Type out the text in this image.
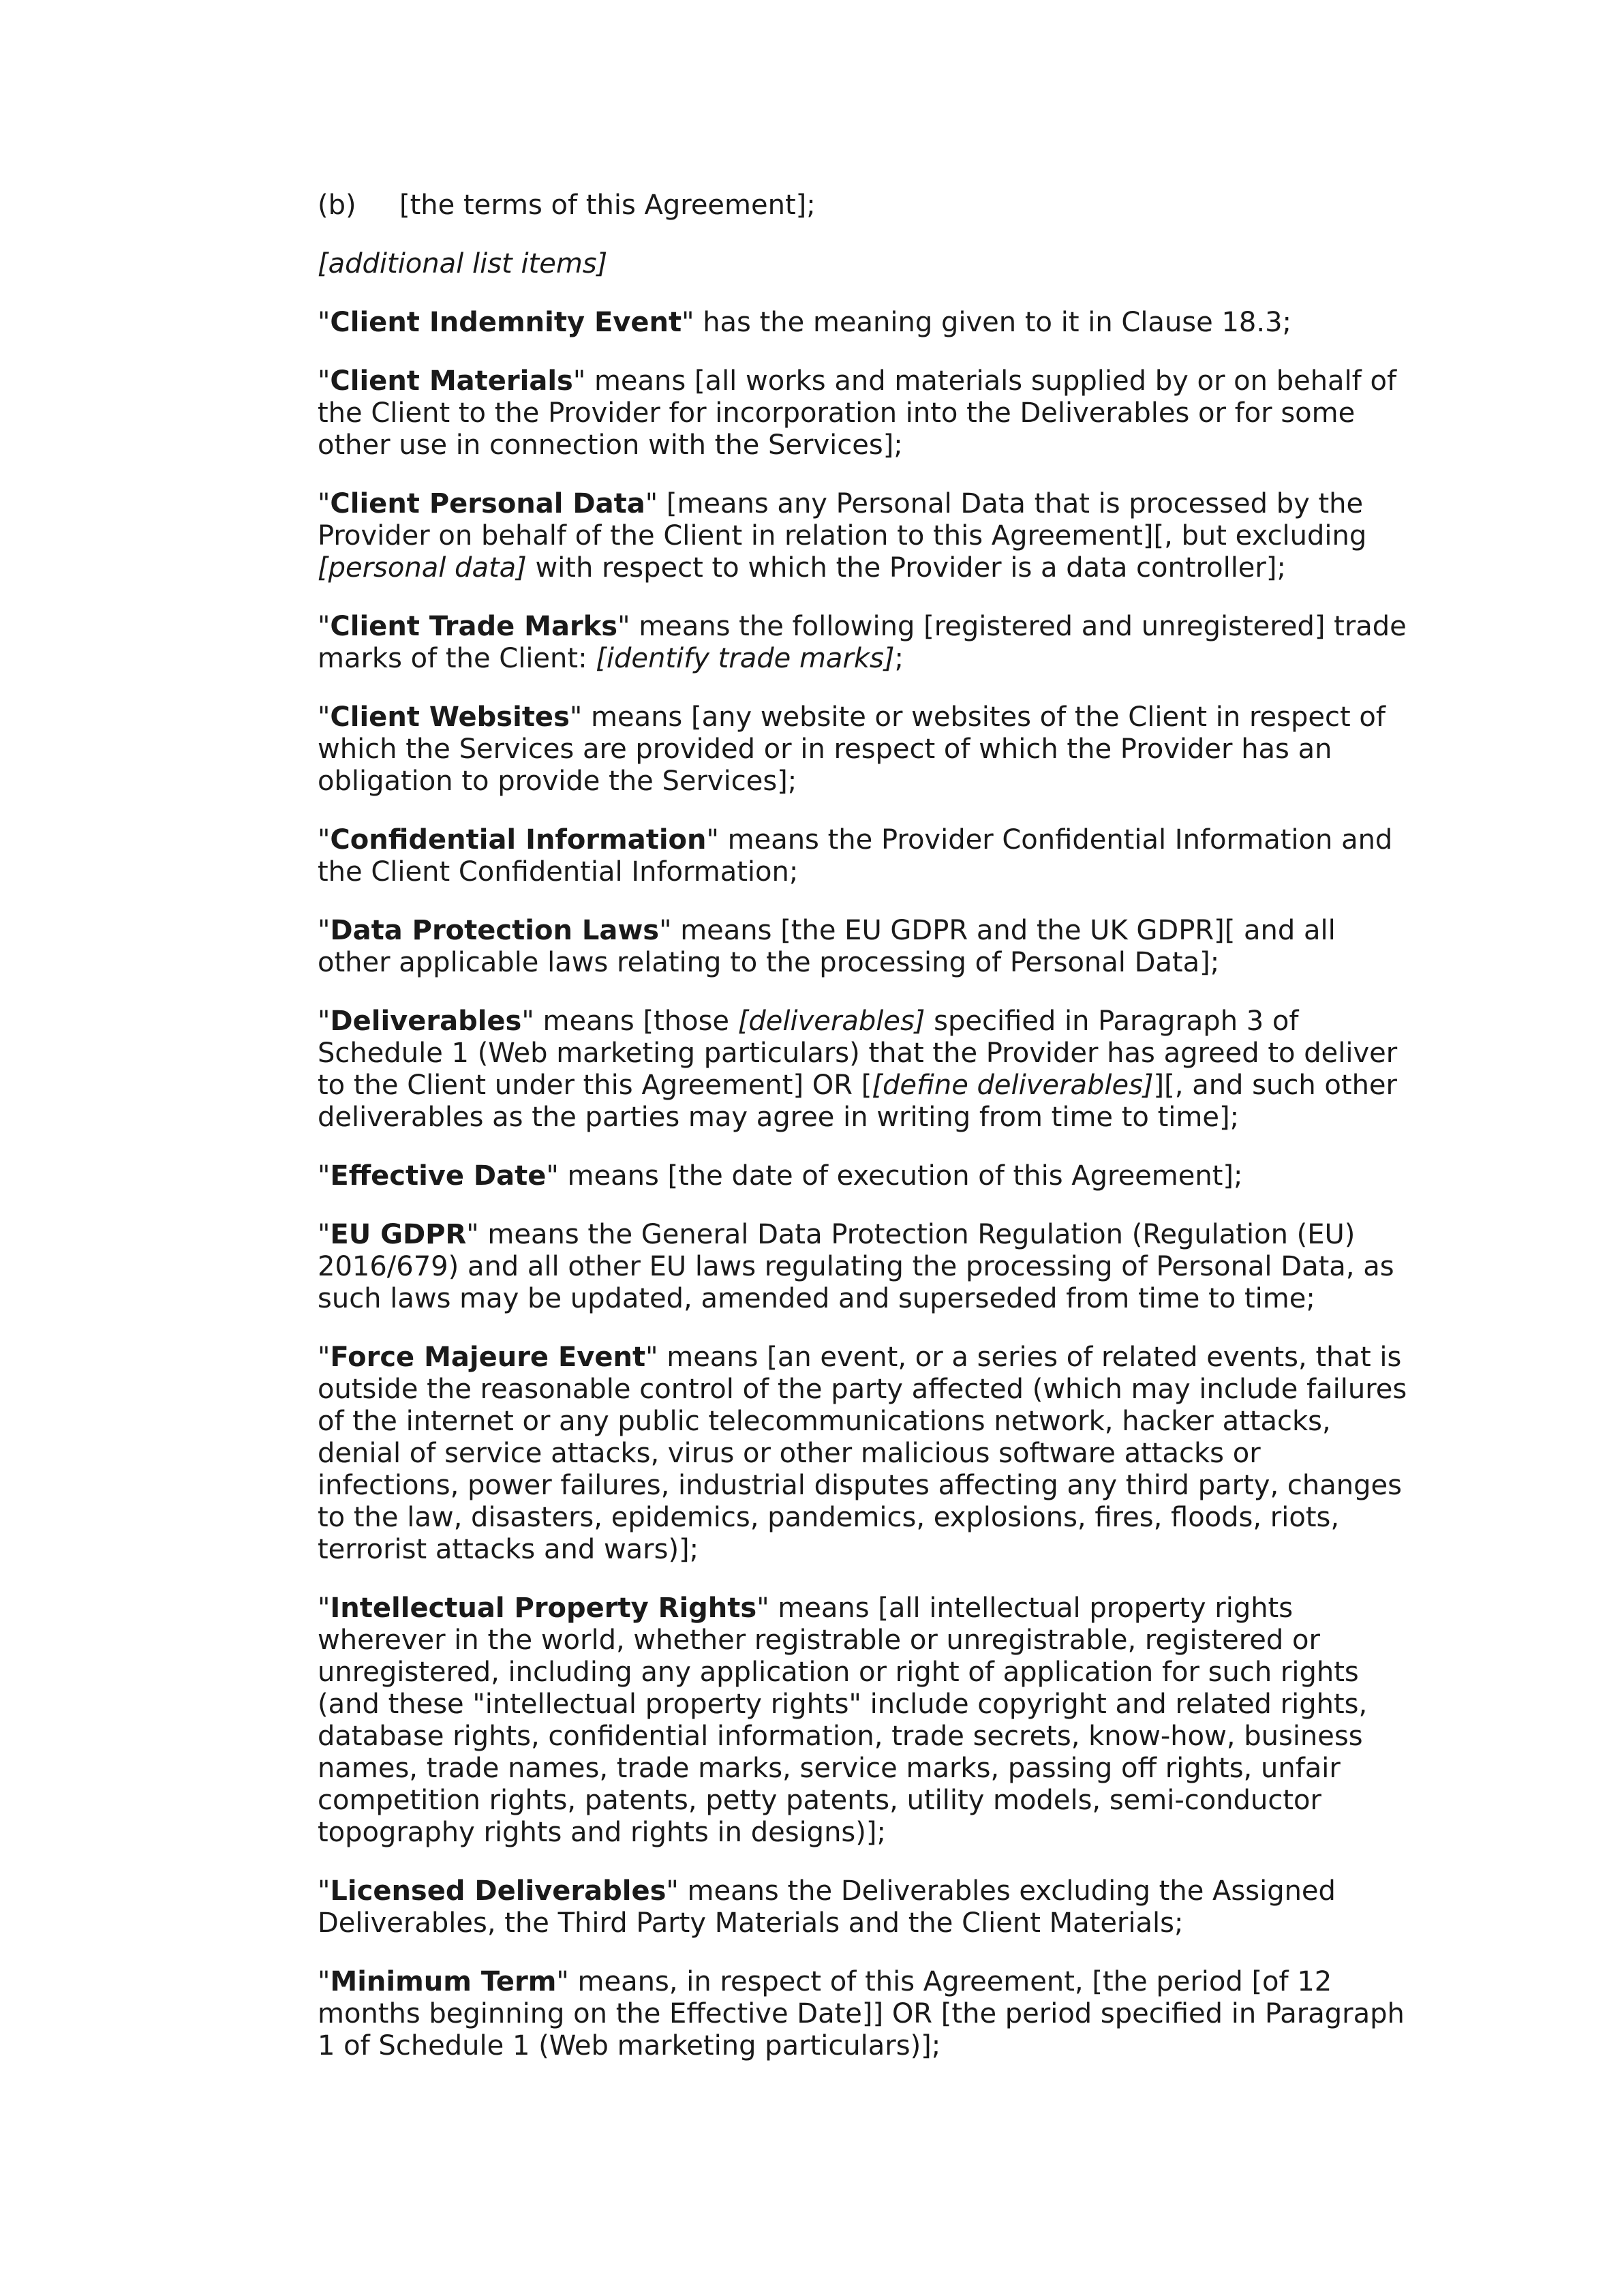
(b)	[the terms of this Agreement];

[additional list items]

"Client Indemnity Event" has the meaning given to it in Clause 18.3;

"Client Materials" means [all works and materials supplied by or on behalf of the Client to the Provider for incorporation into the Deliverables or for some other use in connection with the Services];

"Client Personal Data" [means any Personal Data that is processed by the Provider on behalf of the Client in relation to this Agreement][, but excluding [personal data] with respect to which the Provider is a data controller];

"Client Trade Marks" means the following [registered and unregistered] trade marks of the Client: [identify trade marks];

"Client Websites" means [any website or websites of the Client in respect of which the Services are provided or in respect of which the Provider has an obligation to provide the Services];

"Confidential Information" means the Provider Confidential Information and the Client Confidential Information;

"Data Protection Laws" means [the EU GDPR and the UK GDPR][ and all other applicable laws relating to the processing of Personal Data];

"Deliverables" means [those [deliverables] specified in Paragraph 3 of Schedule 1 (Web marketing particulars) that the Provider has agreed to deliver to the Client under this Agreement] OR [[define deliverables]][, and such other deliverables as the parties may agree in writing from time to time];

"Effective Date" means [the date of execution of this Agreement];

"EU GDPR" means the General Data Protection Regulation (Regulation (EU) 2016/679) and all other EU laws regulating the processing of Personal Data, as such laws may be updated, amended and superseded from time to time;

"Force Majeure Event" means [an event, or a series of related events, that is outside the reasonable control of the party affected (which may include failures of the internet or any public telecommunications network, hacker attacks, denial of service attacks, virus or other malicious software attacks or infections, power failures, industrial disputes affecting any third party, changes to the law, disasters, epidemics, pandemics, explosions, fires, floods, riots, terrorist attacks and wars)];

"Intellectual Property Rights" means [all intellectual property rights wherever in the world, whether registrable or unregistrable, registered or unregistered, including any application or right of application for such rights (and these "intellectual property rights" include copyright and related rights, database rights, confidential information, trade secrets, know-how, business names, trade names, trade marks, service marks, passing off rights, unfair competition rights, patents, petty patents, utility models, semi-conductor topography rights and rights in designs)];

"Licensed Deliverables" means the Deliverables excluding the Assigned Deliverables, the Third Party Materials and the Client Materials;

"Minimum Term" means, in respect of this Agreement, [the period [of 12 months beginning on the Effective Date]] OR [the period specified in Paragraph 1 of Schedule 1 (Web marketing particulars)];
